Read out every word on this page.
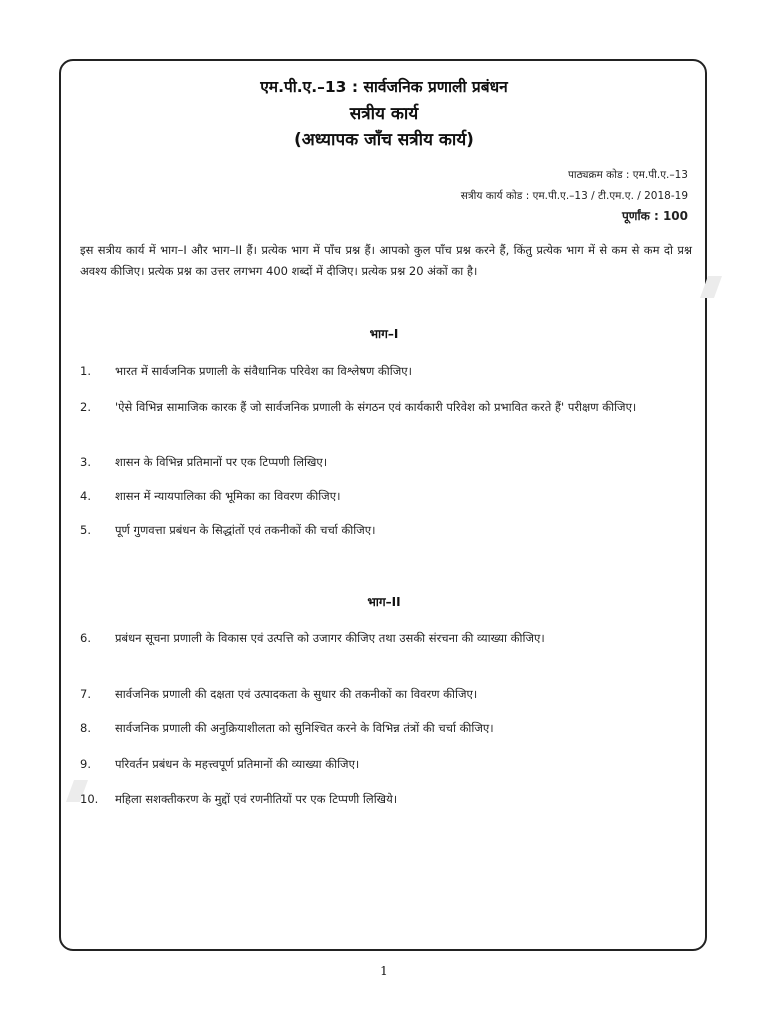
एम.पी.ए.–13 : सार्वजनिक प्रणाली प्रबंधन
सत्रीय कार्य
(अध्यापक जाँच सत्रीय कार्य)
पाठ्यक्रम कोड : एम.पी.ए.–13
सत्रीय कार्य कोड : एम.पी.ए.–13 / टी.एम.ए. / 2018-19
पूर्णांक : 100
इस सत्रीय कार्य में भाग–I और भाग–II हैं। प्रत्येक भाग में पाँच प्रश्न हैं। आपको कुल पाँच प्रश्न करने हैं, किंतु प्रत्येक भाग में से कम से कम दो प्रश्न अवश्य कीजिए। प्रत्येक प्रश्न का उत्तर लगभग 400 शब्दों में दीजिए। प्रत्येक प्रश्न 20 अंकों का है।
भाग–I
1.	भारत में सार्वजनिक प्रणाली के संवैधानिक परिवेश का विश्लेषण कीजिए।
2.	'ऐसे विभिन्न सामाजिक कारक हैं जो सार्वजनिक प्रणाली के संगठन एवं कार्यकारी परिवेश को प्रभावित करते हैं' परीक्षण कीजिए।
3.	शासन के विभिन्न प्रतिमानों पर एक टिप्पणी लिखिए।
4.	शासन में न्यायपालिका की भूमिका का विवरण कीजिए।
5.	पूर्ण गुणवत्ता प्रबंधन के सिद्धांतों एवं तकनीकों की चर्चा कीजिए।
भाग–II
6.	प्रबंधन सूचना प्रणाली के विकास एवं उत्पत्ति को उजागर कीजिए तथा उसकी संरचना की व्याख्या कीजिए।
7.	सार्वजनिक प्रणाली की दक्षता एवं उत्पादकता के सुधार की तकनीकों का विवरण कीजिए।
8.	सार्वजनिक प्रणाली की अनुक्रियाशीलता को सुनिश्चित करने के विभिन्न तंत्रों की चर्चा कीजिए।
9.	परिवर्तन प्रबंधन के महत्त्वपूर्ण प्रतिमानों की व्याख्या कीजिए।
10.	महिला सशक्तीकरण के मुद्दों एवं रणनीतियों पर एक टिप्पणी लिखिये।
1
